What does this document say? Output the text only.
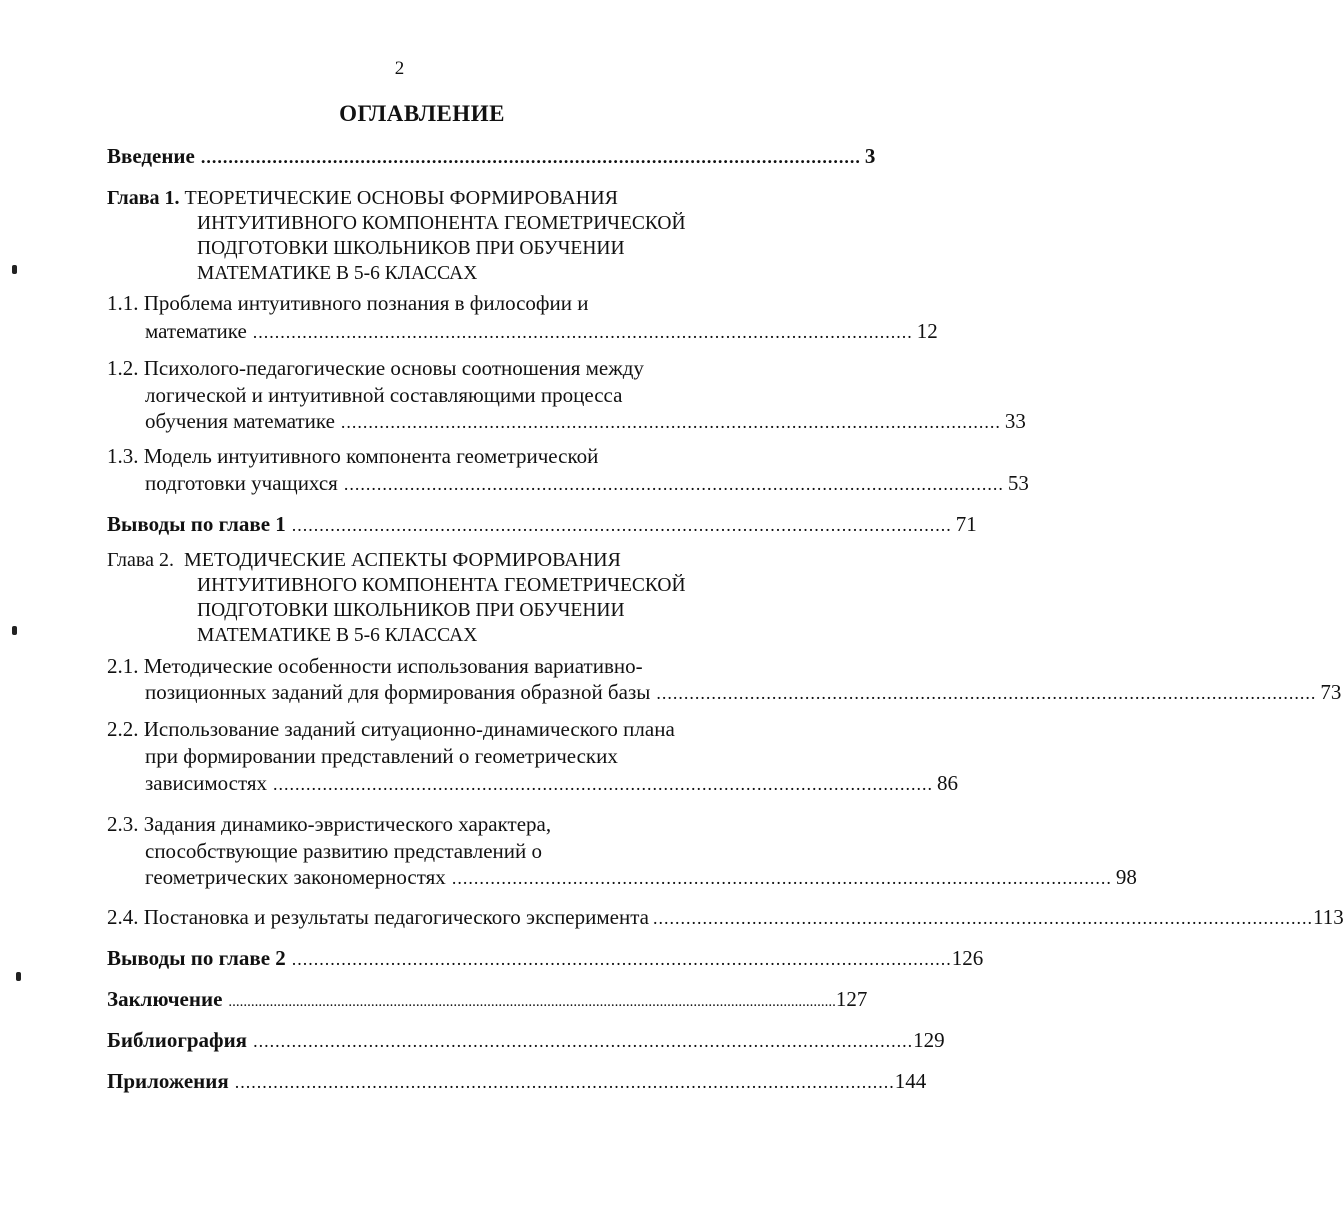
2
ОГЛАВЛЕНИЕ
Введение ........................................................................................................................ 3
Глава 1. ТЕОРЕТИЧЕСКИЕ ОСНОВЫ ФОРМИРОВАНИЯ
ИНТУИТИВНОГО КОМПОНЕНТА ГЕОМЕТРИЧЕСКОЙ
ПОДГОТОВКИ ШКОЛЬНИКОВ ПРИ ОБУЧЕНИИ
МАТЕМАТИКЕ В 5-6 КЛАССАХ
1.1. Проблема интуитивного познания в философии и
математике ........................................................................................................................ 12
1.2. Психолого-педагогические основы соотношения между
логической и интуитивной составляющими процесса
обучения математике ........................................................................................................................ 33
1.3. Модель интуитивного компонента геометрической
подготовки учащихся ........................................................................................................................ 53
Выводы по главе 1 ........................................................................................................................ 71
Глава 2. МЕТОДИЧЕСКИЕ АСПЕКТЫ ФОРМИРОВАНИЯ
ИНТУИТИВНОГО КОМПОНЕНТА ГЕОМЕТРИЧЕСКОЙ
ПОДГОТОВКИ ШКОЛЬНИКОВ ПРИ ОБУЧЕНИИ
МАТЕМАТИКЕ В 5-6 КЛАССАХ
2.1. Методические особенности использования вариативно-
позиционных заданий для формирования образной базы ........................................................................................................................ 73
2.2. Использование заданий ситуационно-динамического плана
при формировании представлений о геометрических
зависимостях ........................................................................................................................ 86
2.3. Задания динамико-эвристического характера,
способствующие развитию представлений о
геометрических закономерностях ........................................................................................................................ 98
2.4. Постановка и результаты педагогического эксперимента ........................................................................................................................ 113
Выводы по главе 2 ........................................................................................................................ 126
Заключение .................................................................................................................................................................. 127
Библиография ........................................................................................................................ 129
Приложения ........................................................................................................................ 144
